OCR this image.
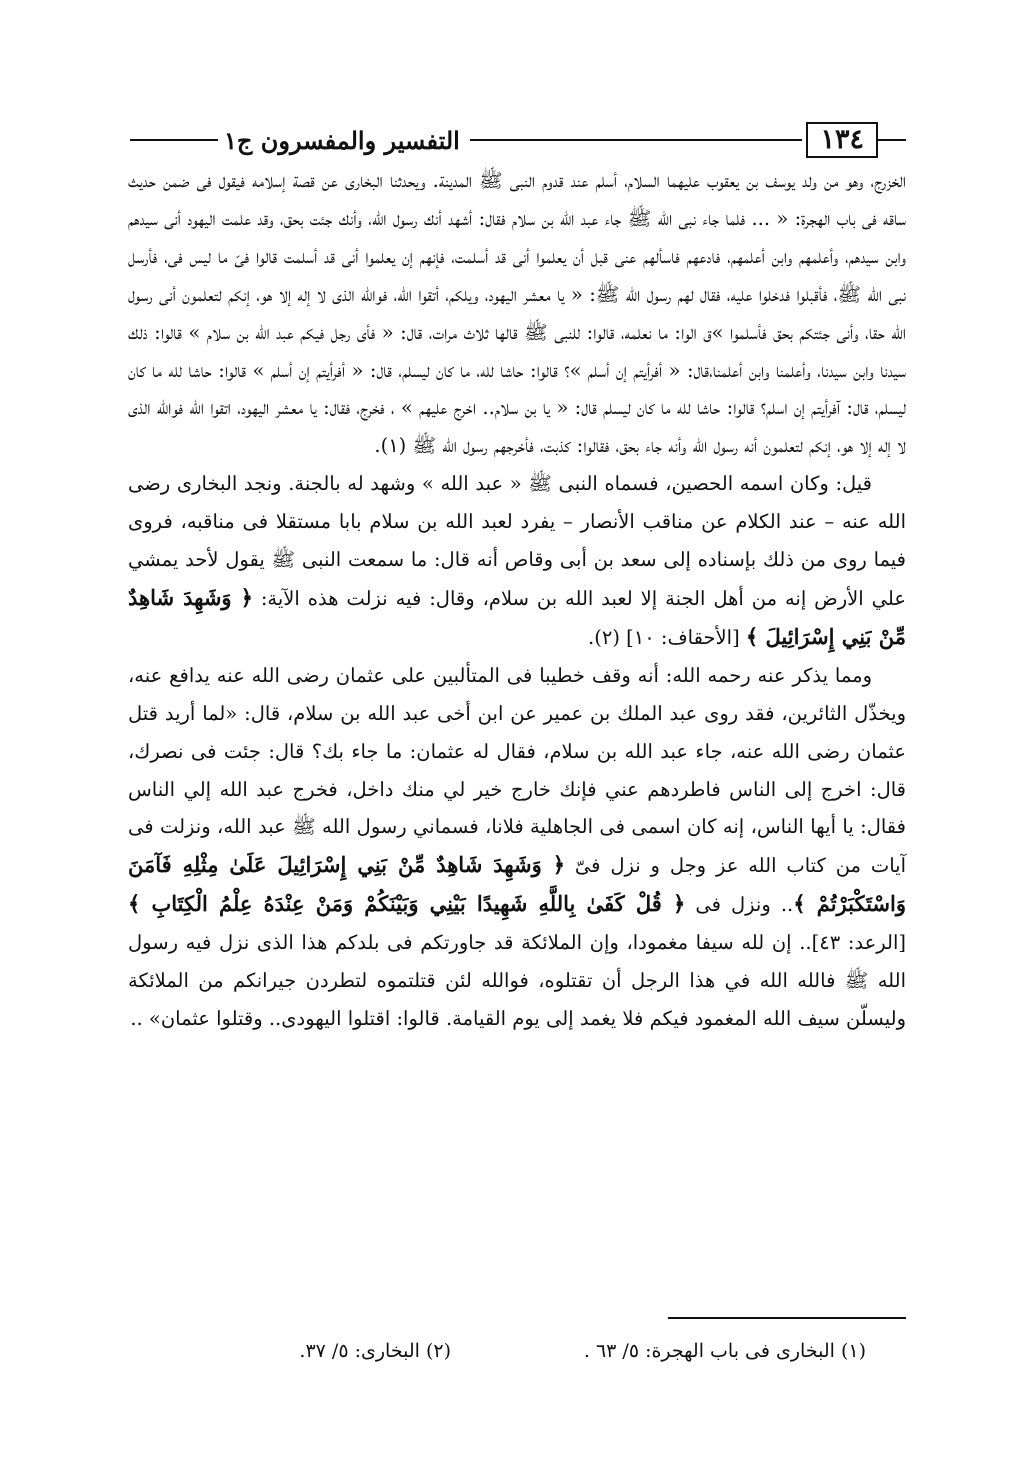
١٣٤
التفسير والمفسرون ج١

الخزرج، وهو من ولد يوسف بن يعقوب عليهما السلام، أسلم عند قدوم النبى ﷺ المدينة. ويحدثنا البخارى عن قصة إسلامه فيقول فى ضمن حديث ساقه فى باب الهجرة: « ... فلما جاء نبى الله ﷺ جاء عبد الله بن سلام فقال: أشهد أنك رسول الله، وأنك جئت بحق، وقد علمت اليهود أنى سيدهم وابن سيدهم، وأعلمهم وابن أعلمهم، فادعهم فاسألهم عنى قبل أن يعلموا أنى قد أسلمت، فإنهم إن يعلموا أنى قد أسلمت قالوا فىّ ما ليس فى، فأرسل نبى الله ﷺ، فأقبلوا فدخلوا عليه، فقال لهم رسول الله ﷺ: « يا معشر اليهود، ويلكم، أتقوا الله، فوالله الذى لا إله إلا هو، إنكم لتعلمون أنى رسول الله حقا، وأنى جئتكم بحق فأسلموا »ق الوا: ما نعلمه، قالوا: للنبى ﷺ قالها ثلاث مرات، قال: « فأى رجل فيكم عبد الله بن سلام » قالوا: ذلك سيدنا وابن سيدنا، وأعلمنا وابن أعلمنا،قال: « أفرأيتم إن أسلم »؟ قالوا: حاشا لله، ما كان ليسلم، قال: « أفرأيتم إن أسلم » قالوا: حاشا لله ما كان ليسلم، قال: آفرأيتم إن اسلم؟ قالوا: حاشا لله ما كان ليسلم قال: « يا بن سلام.. اخرج عليهم » ، فخرج، فقال: يا معشر اليهود، اتقوا الله فوالله الذى لا إله إلا هو، إنكم لتعلمون أنه رسول الله وأنه جاء بحق، فقالوا: كذبت، فأخرجهم رسول الله ﷺ (١).

قيل: وكان اسمه الحصين، فسماه النبى ﷺ « عبد الله » وشهد له بالجنة. ونجد البخارى رضى الله عنه – عند الكلام عن مناقب الأنصار – يفرد لعبد الله بن سلام بابا مستقلا فى مناقبه، فروى فيما روى من ذلك بإسناده إلى سعد بن أبى وقاص أنه قال: ما سمعت النبى ﷺ يقول لأحد يمشي علي الأرض إنه من أهل الجنة إلا لعبد الله بن سلام، وقال: فيه نزلت هذه الآية: ﴿ وَشَهِدَ شَاهِدٌ مِّنْ بَنِي إِسْرَائِيلَ ﴾ [الأحقاف: ١٠] (٢).

ومما يذكر عنه رحمه الله: أنه وقف خطيبا فى المتألبين على عثمان رضى الله عنه يدافع عنه، ويخذّل الثائرين، فقد روى عبد الملك بن عمير عن ابن أخى عبد الله بن سلام، قال: «لما أريد قتل عثمان رضى الله عنه، جاء عبد الله بن سلام، فقال له عثمان: ما جاء بك؟ قال: جئت فى نصرك، قال: اخرج إلى الناس فاطردهم عني فإنك خارج خير لي منك داخل، فخرج عبد الله إلي الناس فقال: يا أيها الناس، إنه كان اسمى فى الجاهلية فلانا، فسماني رسول الله ﷺ عبد الله، ونزلت فى آيات من كتاب الله عز وجل و نزل فىّ ﴿ وَشَهِدَ شَاهِدٌ مِّنْ بَنِي إِسْرَائِيلَ عَلَىٰ مِثْلِهِ فَآمَنَ وَاسْتَكْبَرْتُمْ ﴾.. ونزل فى ﴿ قُلْ كَفَىٰ بِاللَّهِ شَهِيدًا بَيْنِي وَبَيْنَكُمْ وَمَنْ عِنْدَهُ عِلْمُ الْكِتَابِ ﴾[الرعد: ٤٣].. إن لله سيفا مغمودا، وإن الملائكة قد جاورتكم فى بلدكم هذا الذى نزل فيه رسول الله ﷺ فالله الله في هذا الرجل أن تقتلوه، فوالله لئن قتلتموه لتطردن جيرانكم من الملائكة وليسلّن سيف الله المغمود فيكم فلا يغمد إلى يوم القيامة. قالوا: اقتلوا اليهودى.. وقتلوا عثمان» ..

(١) البخارى فى باب الهجرة: ٥/ ٦٣ .
(٢) البخارى: ٥/ ٣٧.
